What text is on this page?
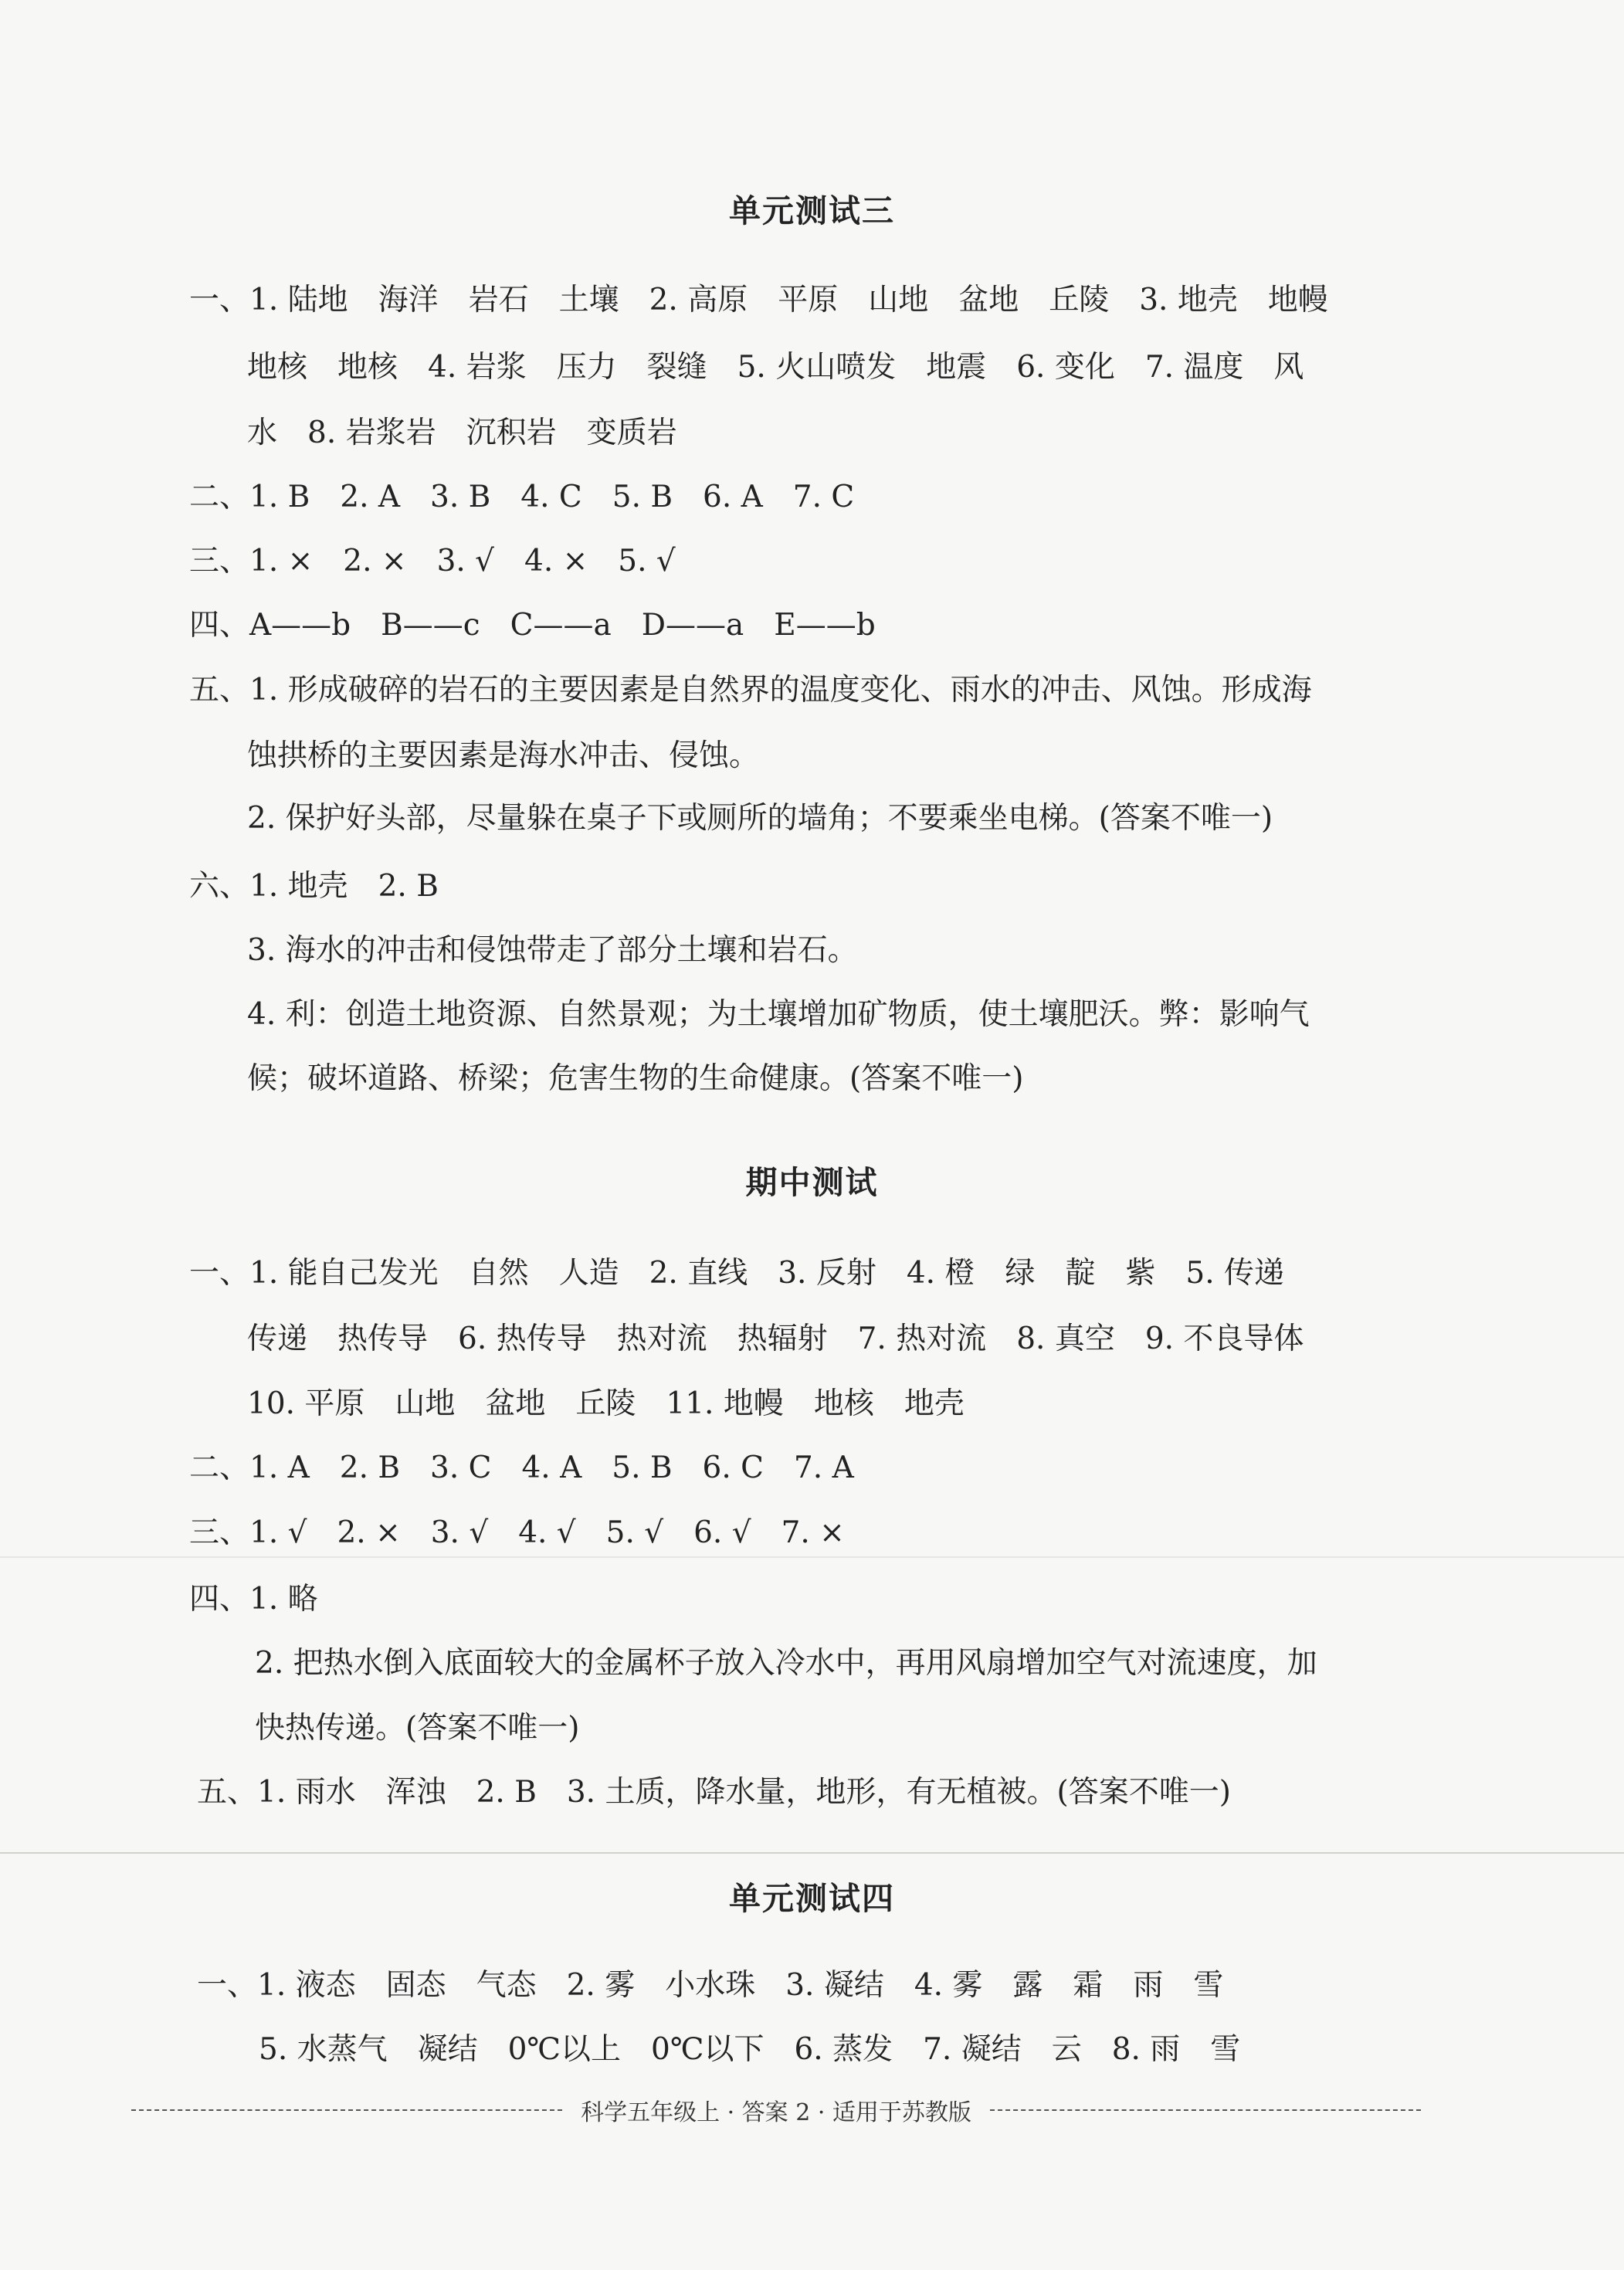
单元测试三
一、1. 陆地　海洋　岩石　土壤　2. 高原　平原　山地　盆地　丘陵　3. 地壳　地幔
地核　地核　4. 岩浆　压力　裂缝　5. 火山喷发　地震　6. 变化　7. 温度　风
水　8. 岩浆岩　沉积岩　变质岩
二、1. B　2. A　3. B　4. C　5. B　6. A　7. C
三、1. ×　2. ×　3. √　4. ×　5. √
四、A——b　B——c　C——a　D——a　E——b
五、1. 形成破碎的岩石的主要因素是自然界的温度变化、雨水的冲击、风蚀。形成海
蚀拱桥的主要因素是海水冲击、侵蚀。
2. 保护好头部，尽量躲在桌子下或厕所的墙角；不要乘坐电梯。(答案不唯一)
六、1. 地壳　2. B
3. 海水的冲击和侵蚀带走了部分土壤和岩石。
4. 利：创造土地资源、自然景观；为土壤增加矿物质，使土壤肥沃。弊：影响气
候；破坏道路、桥梁；危害生物的生命健康。(答案不唯一)
期中测试
一、1. 能自己发光　自然　人造　2. 直线　3. 反射　4. 橙　绿　靛　紫　5. 传递
传递　热传导　6. 热传导　热对流　热辐射　7. 热对流　8. 真空　9. 不良导体
10. 平原　山地　盆地　丘陵　11. 地幔　地核　地壳
二、1. A　2. B　3. C　4. A　5. B　6. C　7. A
三、1. √　2. ×　3. √　4. √　5. √　6. √　7. ×
四、1. 略
2. 把热水倒入底面较大的金属杯子放入冷水中，再用风扇增加空气对流速度，加
快热传递。(答案不唯一)
五、1. 雨水　浑浊　2. B　3. 土质，降水量，地形，有无植被。(答案不唯一)
单元测试四
一、1. 液态　固态　气态　2. 雾　小水珠　3. 凝结　4. 雾　露　霜　雨　雪
5. 水蒸气　凝结　0℃以上　0℃以下　6. 蒸发　7. 凝结　云　8. 雨　雪
科学五年级上 · 答案 2 · 适用于苏教版
